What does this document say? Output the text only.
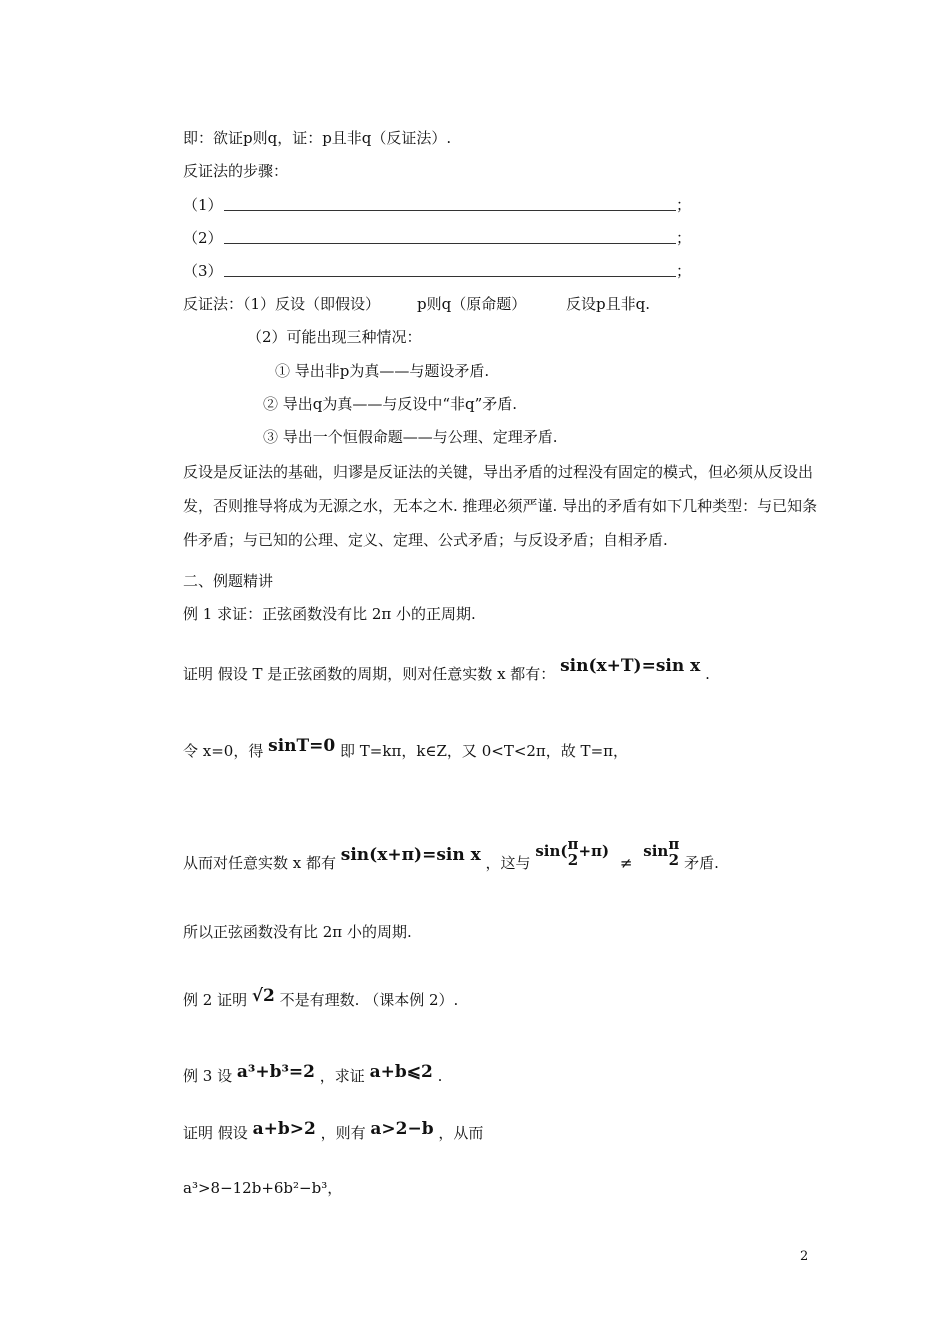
即：欲证p则q，证：p且非q（反证法）.
反证法的步骤：
（1）	；
（2）	；
（3）	；
反证法：（1）反设（即假设） p则q（原命题）	反设p且非q.
（2）可能出现三种情况：
① 导出非p为真——与题设矛盾.
② 导出q为真——与反设中“非q”矛盾.
③ 导出一个恒假命题——与公理、定理矛盾.
反设是反证法的基础，归谬是反证法的关键，导出矛盾的过程没有固定的模式，但必须从反设出发，否则推导将成为无源之水，无本之木. 推理必须严谨. 导出的矛盾有如下几种类型：与已知条件矛盾；与已知的公理、定义、定理、公式矛盾；与反设矛盾；自相矛盾.
二、例题精讲
例 1 求证：正弦函数没有比 2π 小的正周期.
证明 假设 T 是正弦函数的周期，则对任意实数 x 都有： sin(x+T)=sin x .
令 x=0，得 sinT=0 即 T=kπ，k∈Z，又 0<T<2π，故 T=π，
从而对任意实数 x 都有 sin(x+π)=sin x ，这与 sin( π
2 +π) ≠ sin π
2 矛盾.
所以正弦函数没有比 2π 小的周期.
例 2 证明 √2 不是有理数. （课本例 2）.
例 3 设 a³+b³=2 ，求证 a+b⩽2 .
证明 假设 a+b>2 ，则有 a>2−b ，从而
a³>8−12b+6b²−b³，
2
